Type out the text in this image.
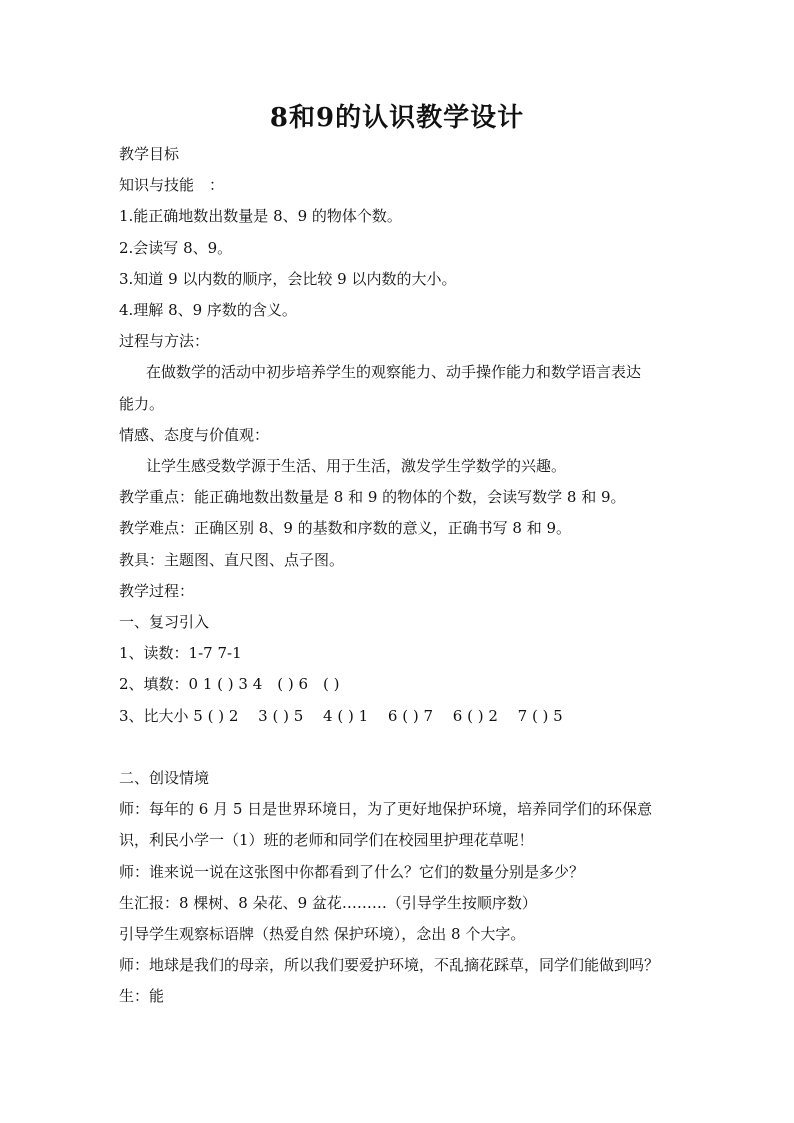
8和9的认识教学设计
教学目标
知识与技能　：
1.能正确地数出数量是 8、9 的物体个数。
2.会读写 8、9。
3.知道 9 以内数的顺序，会比较 9 以内数的大小。
4.理解 8、9 序数的含义。
过程与方法：
在做数学的活动中初步培养学生的观察能力、动手操作能力和数学语言表达
能力。
情感、态度与价值观：
让学生感受数学源于生活、用于生活，激发学生学数学的兴趣。
教学重点：能正确地数出数量是 8 和 9 的物体的个数，会读写数学 8 和 9。
教学难点：正确区别 8、9 的基数和序数的意义，正确书写 8 和 9。
教具：主题图、直尺图、点子图。
教学过程：
一、复习引入
1、读数：1-7 7-1
2、填数：0 1 ( ) 3 4　( ) 6　( )
3、比大小 5 ( ) 2　 3 ( ) 5　 4 ( ) 1　 6 ( ) 7　 6 ( ) 2　 7 ( ) 5
二、创设情境
师：每年的 6 月 5 日是世界环境日，为了更好地保护环境，培养同学们的环保意
识，利民小学一（1）班的老师和同学们在校园里护理花草呢！
师：谁来说一说在这张图中你都看到了什么？它们的数量分别是多少？
生汇报：8 棵树、8 朵花、9 盆花………（引导学生按顺序数）
引导学生观察标语牌（热爱自然 保护环境），念出 8 个大字。
师：地球是我们的母亲，所以我们要爱护环境，不乱摘花踩草，同学们能做到吗？
生：能
